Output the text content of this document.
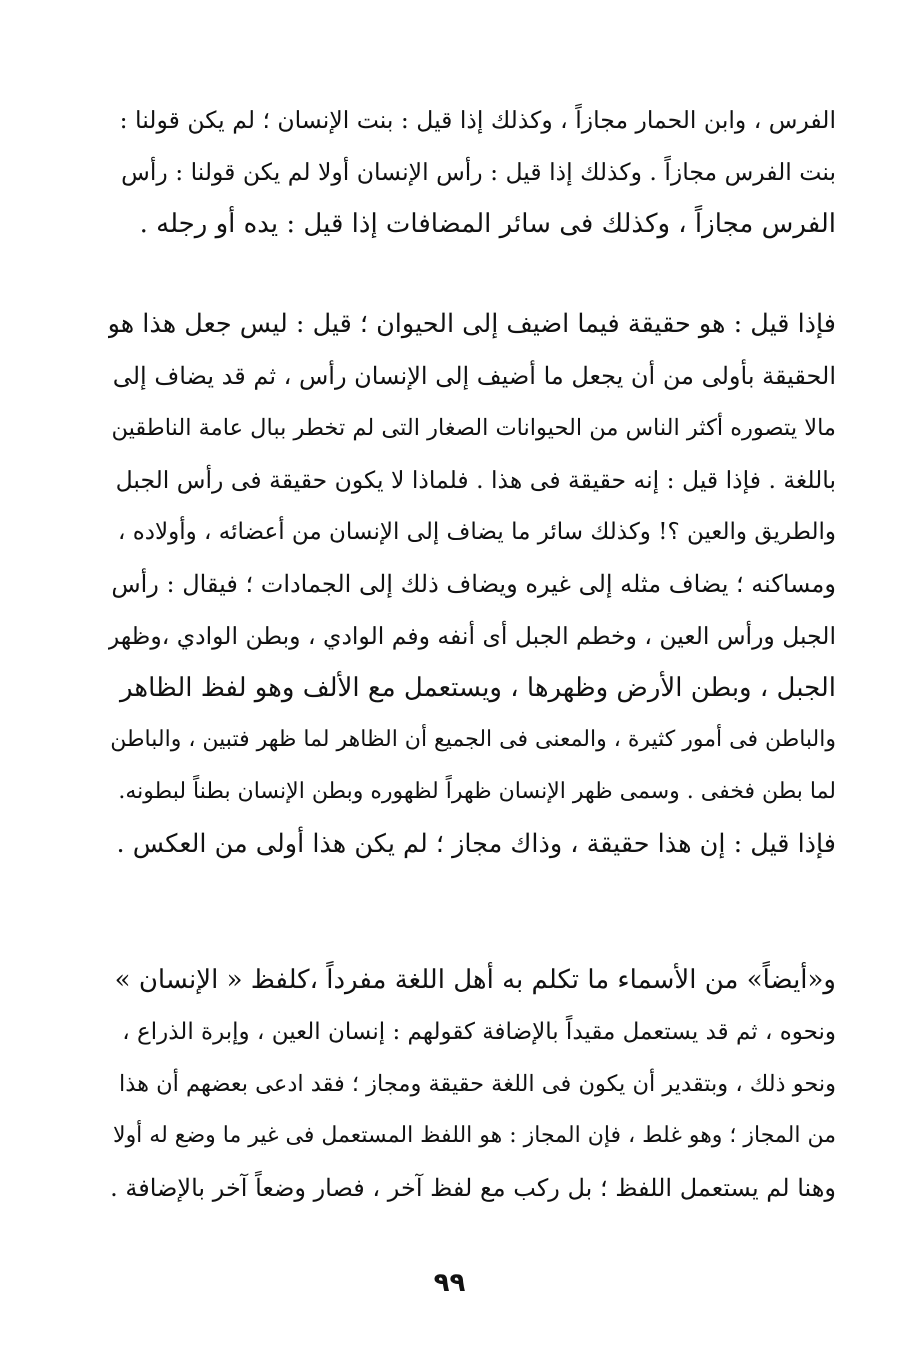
الفرس ، وابن الحمار مجازاً ، وكذلك إذا قيل : بنت الإنسان ؛ لم يكن قولنا :
بنت الفرس مجازاً . وكذلك إذا قيل : رأس الإنسان أولا لم يكن قولنا : رأس
الفرس مجازاً ، وكذلك فى سائر المضافات إذا قيل : يده أو رجله .
فإذا قيل : هو حقيقة فيما اضيف إلى الحيوان ؛ قيل : ليس جعل هذا هو
الحقيقة بأولى من أن يجعل ما أضيف إلى الإنسان رأس ، ثم قد يضاف إلى
مالا يتصوره أكثر الناس من الحيوانات الصغار التى لم تخطر ببال عامة الناطقين
باللغة . فإذا قيل : إنه حقيقة فى هذا . فلماذا لا يكون حقيقة فى رأس الجبل
والطريق والعين ؟! وكذلك سائر ما يضاف إلى الإنسان من أعضائه ، وأولاده ،
ومساكنه ؛ يضاف مثله إلى غيره ويضاف ذلك إلى الجمادات ؛ فيقال : رأس
الجبل ورأس العين ، وخطم الجبل أى أنفه وفم الوادي ، وبطن الوادي ،وظهر
الجبل ، وبطن الأرض وظهرها ، ويستعمل مع الألف وهو لفظ الظاهر
والباطن فى أمور كثيرة ، والمعنى فى الجميع أن الظاهر لما ظهر فتبين ، والباطن
لما بطن فخفى . وسمى ظهر الإنسان ظهراً لظهوره وبطن الإنسان بطناً لبطونه.
فإذا قيل : إن هذا حقيقة ، وذاك مجاز ؛ لم يكن هذا أولى من العكس .
و«أيضاً» من الأسماء ما تكلم به أهل اللغة مفرداً ،كلفظ « الإنسان »
ونحوه ، ثم قد يستعمل مقيداً بالإضافة كقولهم : إنسان العين ، وإبرة الذراع ،
ونحو ذلك ، وبتقدير أن يكون فى اللغة حقيقة ومجاز ؛ فقد ادعى بعضهم أن هذا
من المجاز ؛ وهو غلط ، فإن المجاز : هو اللفظ المستعمل فى غير ما وضع له أولا
وهنا لم يستعمل اللفظ ؛ بل ركب مع لفظ آخر ، فصار وضعاً آخر بالإضافة .
٩٩
